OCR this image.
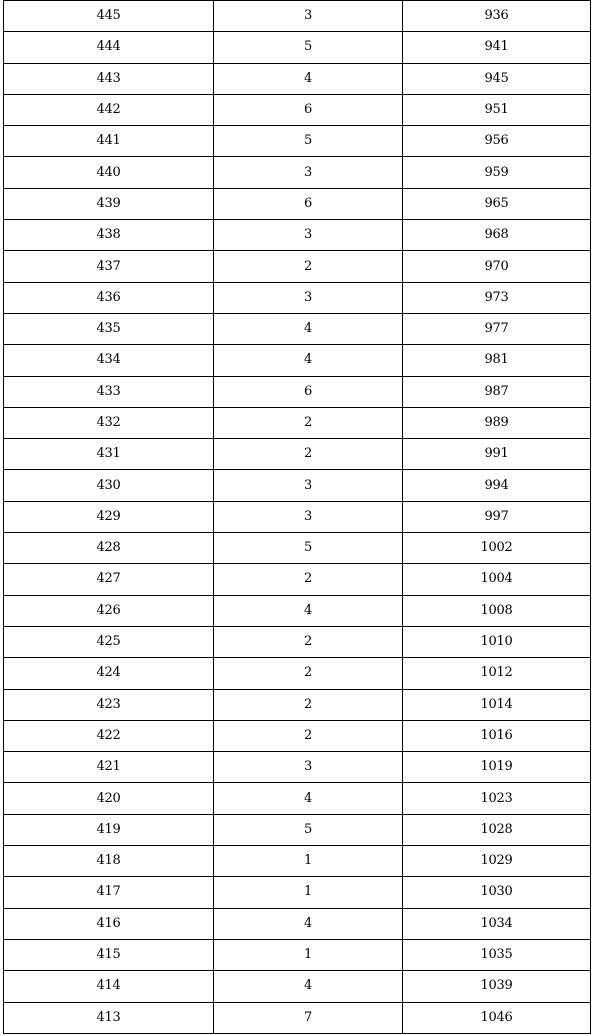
445	3	936
444	5	941
443	4	945
442	6	951
441	5	956
440	3	959
439	6	965
438	3	968
437	2	970
436	3	973
435	4	977
434	4	981
433	6	987
432	2	989
431	2	991
430	3	994
429	3	997
428	5	1002
427	2	1004
426	4	1008
425	2	1010
424	2	1012
423	2	1014
422	2	1016
421	3	1019
420	4	1023
419	5	1028
418	1	1029
417	1	1030
416	4	1034
415	1	1035
414	4	1039
413	7	1046
